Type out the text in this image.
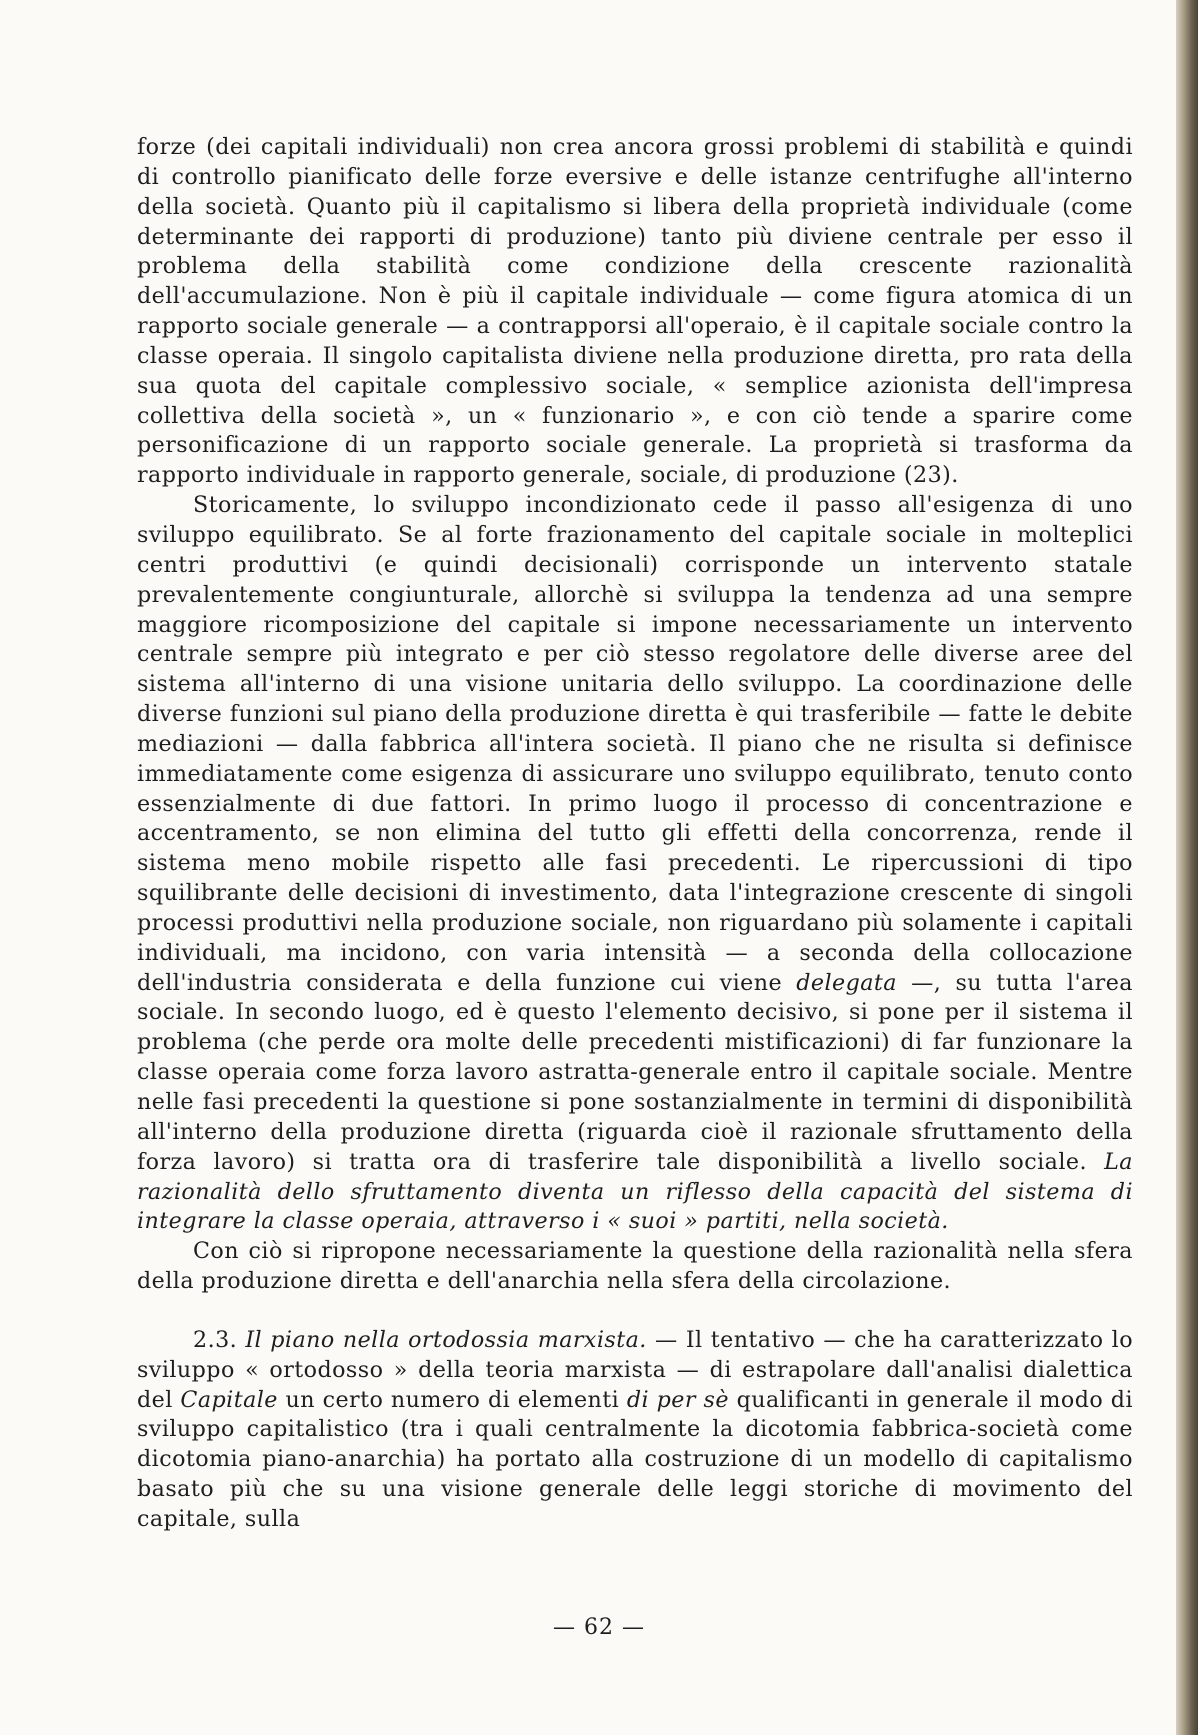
forze (dei capitali individuali) non crea ancora grossi problemi di stabilità e quindi di controllo pianificato delle forze eversive e delle istanze centrifughe all'interno della società. Quanto più il capitalismo si libera della proprietà individuale (come determinante dei rapporti di produzione) tanto più diviene centrale per esso il problema della stabilità come condizione della crescente razionalità dell'accumulazione. Non è più il capitale individuale — come figura atomica di un rapporto sociale generale — a contrapporsi all'operaio, è il capitale sociale contro la classe operaia. Il singolo capitalista diviene nella produzione diretta, pro rata della sua quota del capitale complessivo sociale, « semplice azionista dell'impresa collettiva della società », un « funzionario », e con ciò tende a sparire come personificazione di un rapporto sociale generale. La proprietà si trasforma da rapporto individuale in rapporto generale, sociale, di produzione (23).

Storicamente, lo sviluppo incondizionato cede il passo all'esigenza di uno sviluppo equilibrato. Se al forte frazionamento del capitale sociale in molteplici centri produttivi (e quindi decisionali) corrisponde un intervento statale prevalentemente congiunturale, allorchè si sviluppa la tendenza ad una sempre maggiore ricomposizione del capitale si impone necessariamente un intervento centrale sempre più integrato e per ciò stesso regolatore delle diverse aree del sistema all'interno di una visione unitaria dello sviluppo. La coordinazione delle diverse funzioni sul piano della produzione diretta è qui trasferibile — fatte le debite mediazioni — dalla fabbrica all'intera società. Il piano che ne risulta si definisce immediatamente come esigenza di assicurare uno sviluppo equilibrato, tenuto conto essenzialmente di due fattori. In primo luogo il processo di concentrazione e accentramento, se non elimina del tutto gli effetti della concorrenza, rende il sistema meno mobile rispetto alle fasi precedenti. Le ripercussioni di tipo squilibrante delle decisioni di investimento, data l'integrazione crescente di singoli processi produttivi nella produzione sociale, non riguardano più solamente i capitali individuali, ma incidono, con varia intensità — a seconda della collocazione dell'industria considerata e della funzione cui viene delegata —, su tutta l'area sociale. In secondo luogo, ed è questo l'elemento decisivo, si pone per il sistema il problema (che perde ora molte delle precedenti mistificazioni) di far funzionare la classe operaia come forza lavoro astratta-generale entro il capitale sociale. Mentre nelle fasi precedenti la questione si pone sostanzialmente in termini di disponibilità all'interno della produzione diretta (riguarda cioè il razionale sfruttamento della forza lavoro) si tratta ora di trasferire tale disponibilità a livello sociale. La razionalità dello sfruttamento diventa un riflesso della capacità del sistema di integrare la classe operaia, attraverso i « suoi » partiti, nella società.

Con ciò si ripropone necessariamente la questione della razionalità nella sfera della produzione diretta e dell'anarchia nella sfera della circolazione.

2.3. Il piano nella ortodossia marxista. — Il tentativo — che ha caratterizzato lo sviluppo « ortodosso » della teoria marxista — di estrapolare dall'analisi dialettica del Capitale un certo numero di elementi di per sè qualificanti in generale il modo di sviluppo capitalistico (tra i quali centralmente la dicotomia fabbrica-società come dicotomia piano-anarchia) ha portato alla costruzione di un modello di capitalismo basato più che su una visione generale delle leggi storiche di movimento del capitale, sulla

— 62 —
